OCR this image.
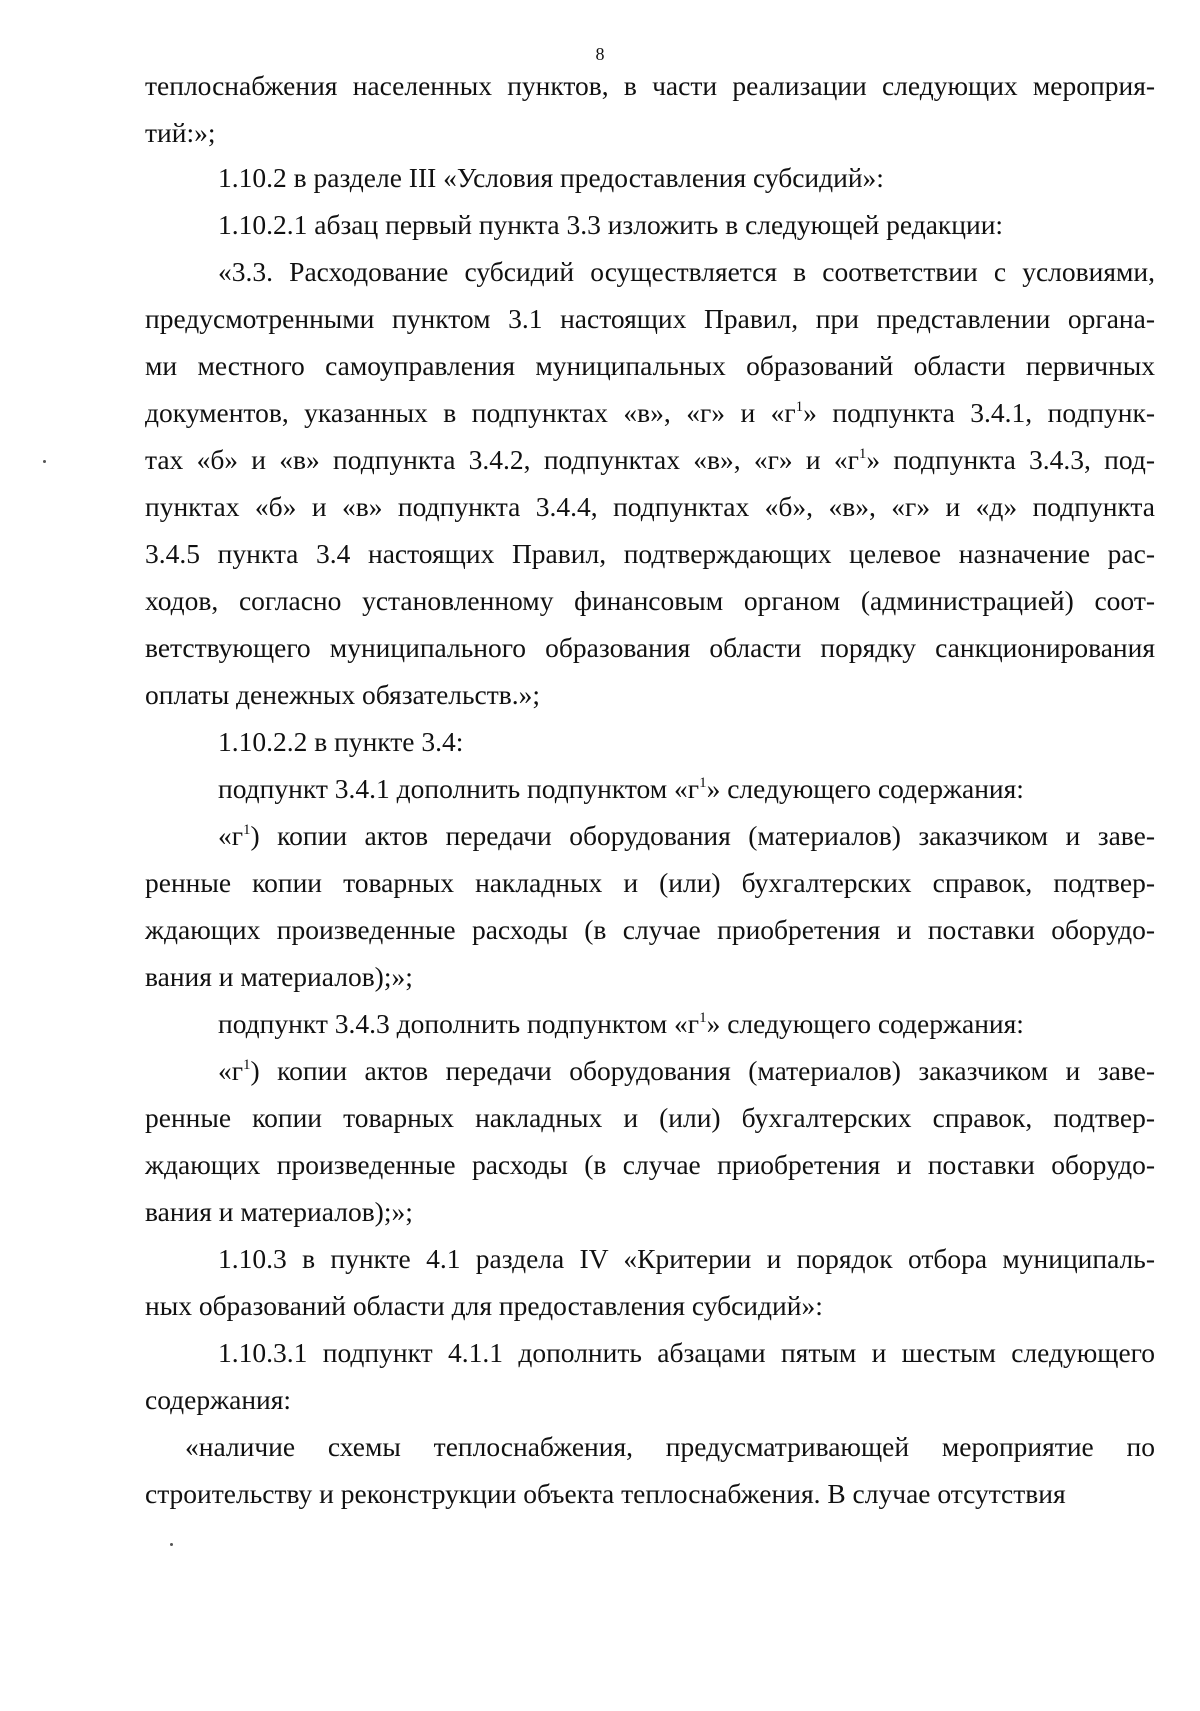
8
теплоснабжения населенных пунктов, в части реализации следующих мероприя-
тий:»;
1.10.2 в разделе III «Условия предоставления субсидий»:
1.10.2.1 абзац первый пункта 3.3 изложить в следующей редакции:
«3.3. Расходование субсидий осуществляется в соответствии с условиями,
предусмотренными пунктом 3.1 настоящих Правил, при представлении органа-
ми местного самоуправления муниципальных образований области первичных
документов, указанных в подпунктах «в», «г» и «$г^1$» подпункта 3.4.1, подпунк-
тах «б» и «в» подпункта 3.4.2, подпунктах «в», «г» и «$г^1$» подпункта 3.4.3, под-
пунктах «б» и «в» подпункта 3.4.4, подпунктах «б», «в», «г» и «д» подпункта
3.4.5 пункта 3.4 настоящих Правил, подтверждающих целевое назначение рас-
ходов, согласно установленному финансовым органом (администрацией) соот-
ветствующего муниципального образования области порядку санкционирования
оплаты денежных обязательств.»;
1.10.2.2 в пункте 3.4:
подпункт 3.4.1 дополнить подпунктом «$г^1$» следующего содержания:
«$г^1$) копии актов передачи оборудования (материалов) заказчиком и заве-
ренные копии товарных накладных и (или) бухгалтерских справок, подтвер-
ждающих произведенные расходы (в случае приобретения и поставки оборудо-
вания и материалов);»;
подпункт 3.4.3 дополнить подпунктом «$г^1$» следующего содержания:
«$г^1$) копии актов передачи оборудования (материалов) заказчиком и заве-
ренные копии товарных накладных и (или) бухгалтерских справок, подтвер-
ждающих произведенные расходы (в случае приобретения и поставки оборудо-
вания и материалов);»;
1.10.3 в пункте 4.1 раздела IV «Критерии и порядок отбора муниципаль-
ных образований области для предоставления субсидий»:
1.10.3.1 подпункт 4.1.1 дополнить абзацами пятым и шестым следующего
содержания:
«наличие схемы теплоснабжения, предусматривающей мероприятие по
строительству и реконструкции объекта теплоснабжения. В случае отсутствия
